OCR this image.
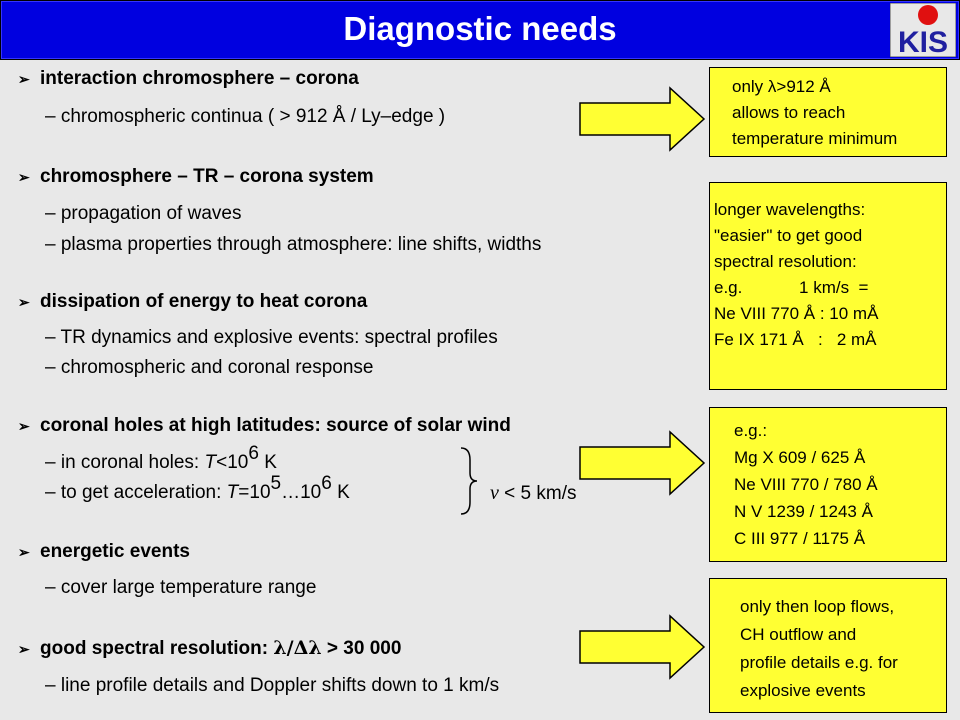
Diagnostic needs	KIS
➢ interaction chromosphere – corona
– chromospheric continua ( > 912 Å / Ly–edge )
➢ chromosphere – TR – corona system
– propagation of waves
– plasma properties through atmosphere: line shifts, widths
➢ dissipation of energy to heat corona
– TR dynamics and explosive events: spectral profiles
– chromospheric and coronal response
➢ coronal holes at high latitudes: source of solar wind
– in coronal holes: $T<10^6$ K
– to get acceleration: $T=10^5\dots 10^6$ K	v < 5 km/s
➢ energetic events
– cover large temperature range
➢ good spectral resolution: λ/Δλ > 30 000
– line profile details and Doppler shifts down to 1 km/s
only λ>912 Å
allows to reach
temperature minimum
longer wavelengths:
"easier" to get good
spectral resolution:
e.g.            1 km/s  =
Ne VIII 770 Å : 10 mÅ
Fe IX 171 Å   :   2 mÅ
e.g.:
Mg X 609 / 625 Å
Ne VIII 770 / 780 Å
N V 1239 / 1243 Å
C III 977 / 1175 Å
only then loop flows,
CH outflow and
profile details e.g. for
explosive events
